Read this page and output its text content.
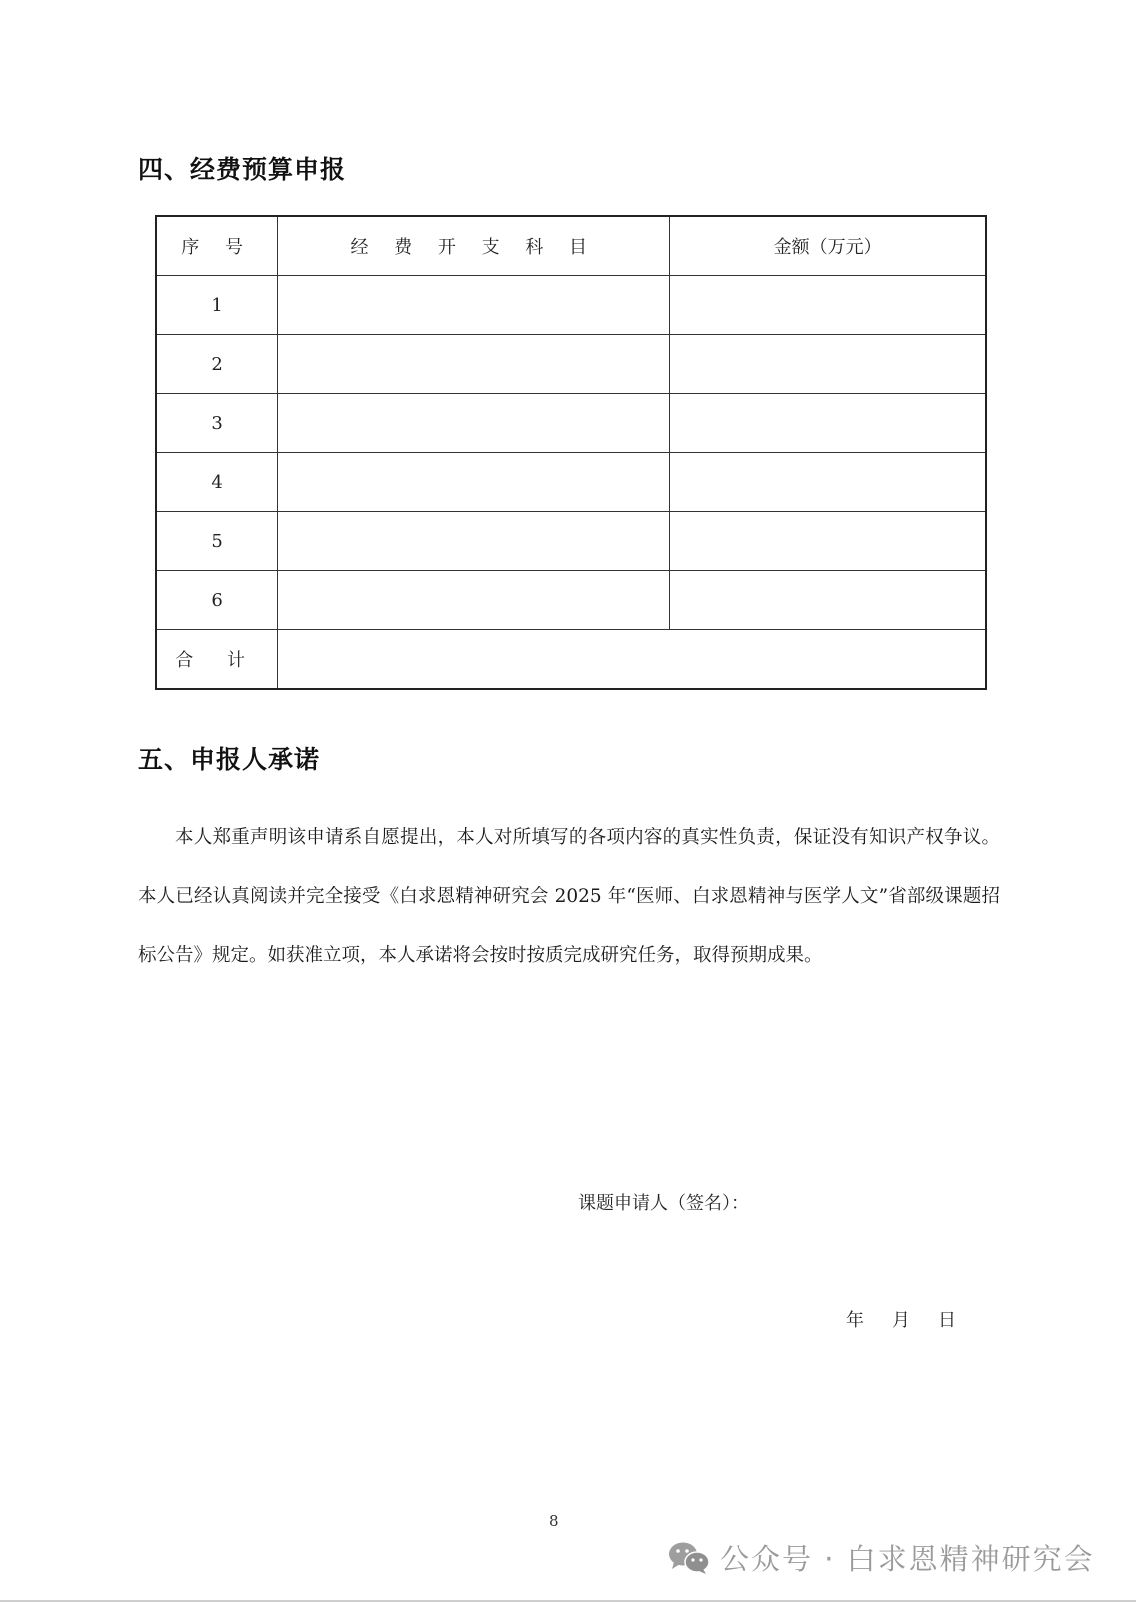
四、经费预算申报
序 号	经 费 开 支 科 目	金额（万元）
1		
2		
3		
4		
5		
6		
合 计		
五、申报人承诺

本人郑重声明该申请系自愿提出，本人对所填写的各项内容的真实性负责，保证没有知识产权争议。本人已经认真阅读并完全接受《白求恩精神研究会 2025 年“医师、白求恩精神与医学人文”省部级课题招标公告》规定。如获准立项，本人承诺将会按时按质完成研究任务，取得预期成果。

课题申请人（签名）：
年 月 日
8
公众号 · 白求恩精神研究会
